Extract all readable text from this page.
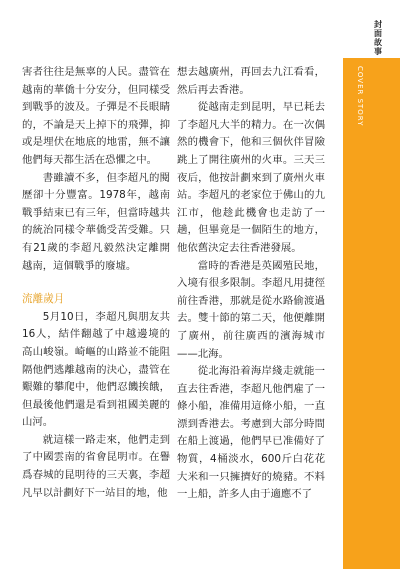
封面故事
COVER STORY

害者往往是無辜的人民。盡管在越南的華僑十分安分，但同樣受到戰爭的波及。子彈是不長眼睛的，不論是天上掉下的飛彈，抑或是埋伏在地底的地雷，無不讓他們每天都生活在恐懼之中。

書雖讀不多，但李超凡的閱歷卻十分豐富。1978年，越南戰爭結束已有三年，但當時越共的統治同樣令華僑受苦受難。只有21歲的李超凡毅然決定離開越南，這個戰爭的廢墟。

流離歲月

5月10日，李超凡與朋友共16人，結伴翻越了中越邊境的高山峻嶺。崎嶇的山路並不能阻隔他們逃離越南的決心，盡管在艱難的攀爬中，他們忍饑挨餓，但最後他們還是看到祖國美麗的山河。

就這樣一路走來，他們走到了中國雲南的省會昆明市。在譽爲春城的昆明待的三天裏，李超凡早以計劃好下一站目的地，他

想去越廣州，再回去九江看看，然后再去香港。

從越南走到昆明，早已耗去了李超凡大半的精力。在一次偶然的機會下，他和三個伙伴冒險跳上了開往廣州的火車。三天三夜后，他按計劃來到了廣州火車站。李超凡的老家位于佛山的九江市，他趁此機會也走訪了一趟，但畢竟是一個陌生的地方，他依舊決定去往香港發展。

當時的香港是英國殖民地，入境有很多限制。李超凡用捷徑前往香港，那就是從水路偷渡過去。雙十節的第二天，他便離開了廣州，前往廣西的濱海城市——北海。

從北海沿着海岸綫走就能一直去往香港，李超凡他們雇了一條小船，准備用這條小船，一直漂到香港去。考慮到大部分時間在船上渡過，他們早已准備好了物質，4桶淡水，600斤白花花大米和一只擁擠好的燒豬。不料一上船，許多人由于適應不了
